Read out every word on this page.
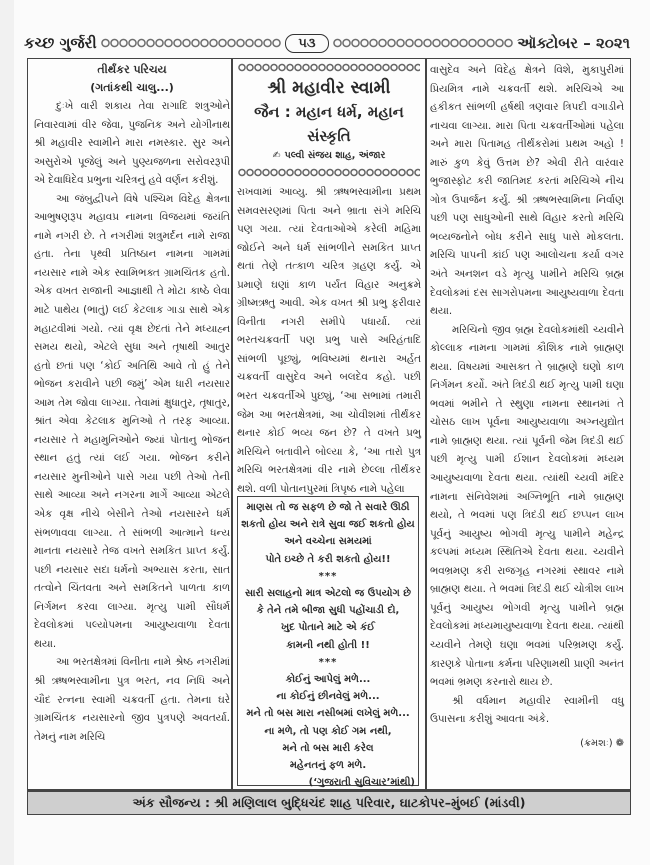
કચ્છ ગુર્જરી	૫૩	ઑક્ટોબર – ૨૦૨૧
તીર્થંકર પરિચય
(ગતાંકથી ચાલુ...)

દુઃખે વારી શકાય તેવા રાગાદિ શત્રુઓને નિવારવામાં વીર જેવા, પુજનિક અને યોગીનાથ શ્રી મહાવીર સ્વામીને મારા નમસ્કાર. સુર અને અસુરોએ પૂજેલું અને પુણ્યજળના સરોવરરૂપી એ દેવાધિદેવ પ્રભુના ચરિત્રનું હવે વર્ણન કરીશું.

આ જંબુદ્વીપને વિષે પશ્ચિમ વિદેહ ક્ષેત્રના આભુષણરૂપ મહાવપ્ર નામના વિજયમાં જયંતિ નામે નગરી છે. તે નગરીમાં શત્રુમર્દન નામે રાજા હતા. તેના પૃથ્વી પ્રતિષ્ઠાન નામના ગામમાં નયસાર નામે એક સ્વામિભક્ત ગ્રામચિંતક હતો. એક વખત રાજાની આજ્ઞાથી તે મોટા કાષ્ઠે લેવા માટે પાથેય (ભાતું) લઈ કેટલાક ગાડા સાથે એક મહાટવીમાં ગયો. ત્યાં વૃક્ષ છેદતાં તેને મધ્યાહ્ન સમય થયો, એટલે સુધા અને તૃષાથી આતુર હતો છતાં પણ ‘કોઈ અતિથિ આવે તો હું તેને ભોજન કરાવીને પછી જમું’ એમ ધારી નયસાર આમ તેમ જોવા લાગ્યા. તેવામાં ક્ષુધાતુર, તૃષાતુર, શ્રાંત એવા કેટલાક મુનિઓ તે તરફ આવ્યા. નયસાર તે મહામુનિઓને જ્યાં પોતાનુ ભોજન સ્થાન હતું ત્યાં લઈ ગયા. ભોજન કરીને નયસાર મુનીઓને પાસે ગયા પછી તેઓ તેની સાથે આવ્યા અને નગરના માર્ગે આવ્યા એટલે એક વૃક્ષ નીચે બેસીને તેઓ નયસારને ધર્મ સંભળાવવા લાગ્યા. તે સાંભળી આત્માને ધન્ય માનતા નયસારે તેજ વખતે સમકિત પ્રાપ્ત કર્યું. પછી નયસાર સદા ધર્મનો અભ્યાસ કરતા, સાત તત્વોને ચિંતવતા અને સમકિતને પાળતા કાળ નિર્ગમન કરવા લાગ્યા. મૃત્યુ પામી સૌધર્મ દેવલોકમાં પલ્યોપમના આયુષ્યવાળા દેવતા થયા.

આ ભરતક્ષેત્રમાં વિનીતા નામે શ્રેષ્ઠ નગરીમાં શ્રી ઋષભસ્વામીના પુત્ર ભરત, નવ નિધિ અને ચૌદ રત્નના સ્વામી ચક્રવર્તી હતા. તેમના ઘરે ગ્રામચિંતક નયસારનો જીવ પુત્રપણે અવતર્યા. તેમનું નામ મરિચિ

શ્રી મહાવીર સ્વામી
જૈન : મહાન ધર્મ, મહાન સંસ્કૃતિ
✍ પલ્વી સંજય શાહ, અંજાર
રાખવામાં આવ્યુ. શ્રી ઋષભસ્વામીના પ્રથમ સમવસરણમાં પિતા અને ભ્રાતા સંગે મરિચિ પણ ગયા. ત્યાં દેવતાઓએ કરેલી મહિમા જોઈને અને ધર્મ સાંભળીને સમકિત પ્રાપ્ત થતાં તેણે તત્કાળ ચરિત્ર ગ્રહણ કર્યું. એ પ્રમાણે ઘણાં કાળ પર્યંત વિહાર અનુક્રમે ગ્રીષ્મઋતુ આવી. એક વખત શ્રી પ્રભુ ફરીવાર વિનીતા નગરી સમીપે પધાર્યા. ત્યાં ભરતચક્રવર્તી પણ પ્રભુ પાસે અરિહંતાદિ સાંભળી પૂછ્યું, ભવિષ્યમાં થનારા અર્હત ચક્રવર્તી વાસુદેવ અને બલદેવ કહો. પછી ભરત ચક્રવર્તીએ પુછ્યું, ‘આ સભામાં તમારી જેમ આ ભરતક્ષેત્રમાં, આ ચોવીશમાં તીર્થંકર થનાર કોઈ ભવ્ય જન છે? તે વખતે પ્રભુ મરિચિને બતાવીને બોલ્યા કે, ‘આ તારો પુત્ર મરિચિ ભરતક્ષેત્રમાં વીર નામે છેલ્લા તીર્થંકર થશે. વળી પોતાનપુરમાં ત્રિપૃષ્ઠ નામે પહેલા
માણસ તો જ સફળ છે જો તે સવારે ઊઠી
શકતો હોય અને રાત્રે સુવા જઈ શકતો હોય
અને વચ્ચેના સમયમાં
પોતે ઇચ્છે તે કરી શકતો હોય!!
***
સારી સલાહનો માત્ર એટલો જ ઉપયોગ છે
કે તેને તમે બીજા સુધી પહોંચાડી દો,
ખુદ પોતાને માટે એ કંઈ
કામની નથી હોતી !!
***
કોઈનું આપેલું મળે...
ના કોઈનું છીનવેલું મળે...
મને તો બસ મારા નસીબમાં લખેલું મળે...
ના મળે, તો પણ કોઈ ગમ નથી,
મને તો બસ મારી કરેલ
મહેનતનું ફળ મળે.
(‘ગુજરાતી સુવિચાર’માંથી)

વાસુદેવ અને વિદેહ ક્ષેત્રને વિશે, મુકાપુરીમાં પ્રિયમિત્ર નામે ચક્રવર્તી થશે. મરિચિએ આ હકીકત સાંભળી હર્ષથી ત્રણવાર ત્રિપદી વગાડીને નાચવા લાગ્યા. મારા પિતા ચક્રવર્તીઓમાં પહેલા અને મારા પિતામહ તીર્થંકરોમાં પ્રથમ અહો ! મારું કુળ કેવું ઉત્તમ છે? એવી રીતે વારંવાર ભુજાસ્ફોટ કરી જાતિમદ કરતાં મરિચિએ નીચ ગોત્ર ઉપાર્જન કર્યું. શ્રી ઋષભસ્વામિના નિર્વાણ પછી પણ સાધુઓની સાથે વિહાર કરતો મરિચિ ભવ્યજનોને બોધ કરીને સાધુ પાસે મોકલતા. મરિચિ પાપની કાંઈ પણ આલોચના કર્યા વગર અંતે અનશન વડે મૃત્યુ પામીને મરિચિ બ્રહ્મ દેવલોકમાં દસ સાગરોપમના આયુષ્યવાળા દેવતા થયા.

મરિચિનો જીવ બ્રહ્મ દેવલોકમાંથી ચ્યવીને કોલ્લાક નામના ગામમાં કૌશિક નામે બ્રાહ્મણ થયા. વિષયમાં આસક્ત તે બ્રાહ્મણે ઘણો કાળ નિર્ગમન કર્યો. અંતે ત્રિદંડી થઈ મૃત્યુ પામી ઘણા ભવમાં ભમીને તે સ્થુણા નામના સ્થાનમાં તે ચોસઠ લાખ પૂર્વના આયુષ્યવાળા અગ્નયુદ્યોત નામે બ્રાહ્મણ થયા. ત્યાં પૂર્વની જેમ ત્રિદંડી થઈ પછી મૃત્યુ પામી ઈશાન દેવલોકમાં મધ્યમ આયુષ્યવાળા દેવતા થયા. ત્યાંથી ચ્યવી મંદિર નામના સંનિવેશમાં અગ્નિભૂતિ નામે બ્રાહ્મણ થયો, તે ભવમાં પણ ત્રિદંડી થઈ છપ્પન લાખ પૂર્વનું આયુષ્ય ભોગવી મૃત્યુ પામીને મહેન્દ્ર કલ્પમાં મધ્યમ સ્થિતિએ દેવતા થયા. ચ્યવીને ભવભ્રમણ કરી રાજગૃહ નગરમાં સ્થાવર નામે બ્રાહ્મણ થયા. તે ભવમાં ત્રિદંડી થઈ ચોત્રીશ લાખ પૂર્વનું આયુષ્ય ભોગવી મૃત્યુ પામીને બ્રહ્મ દેવલોકમાં મધ્યમાયુષ્યવાળા દેવતા થયા. ત્યાંથી ચ્યવીને તેમણે ઘણા ભવમાં પરિભ્રમણ કર્યું. કારણકે પોતાના કર્મના પરિણામથી પ્રાણી અનંત ભવમાં ભ્રમણ કરનારો થાય છે.

શ્રી વર્ધમાન મહાવીર સ્વામીની વધુ ઉપાસના કરીશું આવતા અંકે.

(ક્રમશઃ) ❁
અંક સૌજન્ય : શ્રી મણિલાલ બુદ્ધિચંદ શાહ પરિવાર, ઘાટકોપર–મુંબઈ (માંડવી)
